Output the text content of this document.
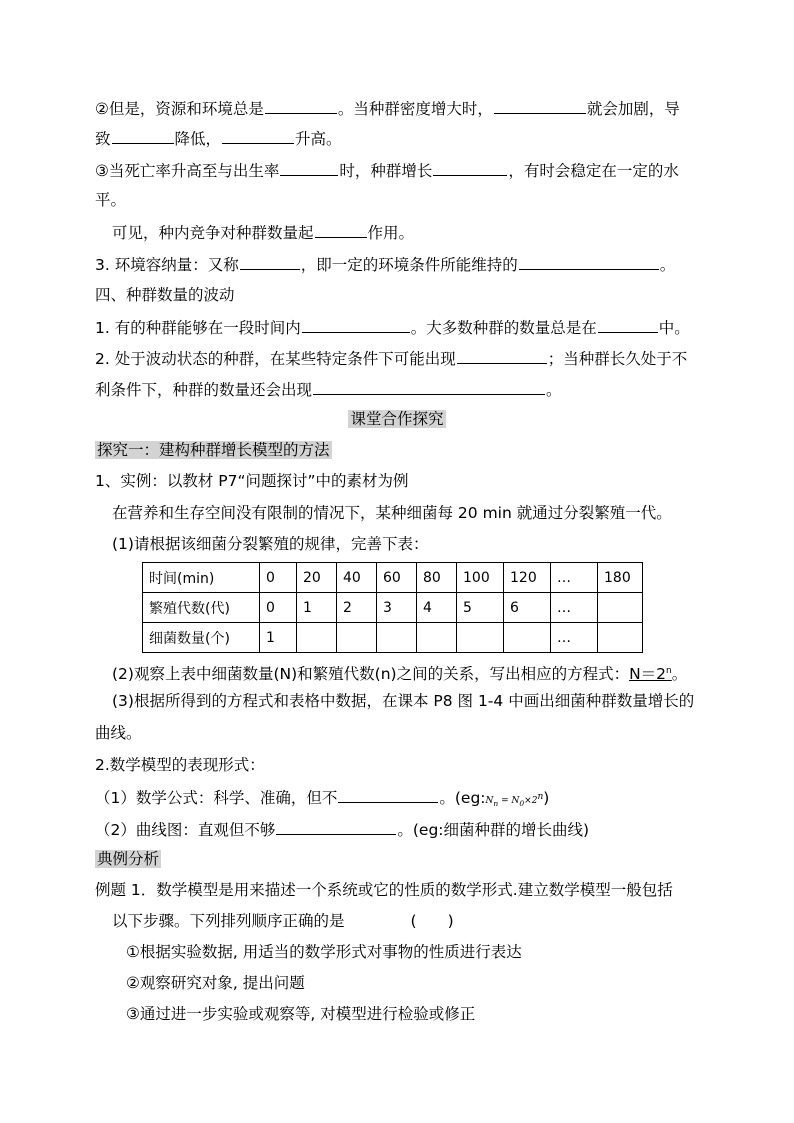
②但是，资源和环境总是	。当种群密度增大时，	就会加剧，导
致	降低，	升高。
③当死亡率升高至与出生率	时，种群增长	，有时会稳定在一定的水
平。
可见，种内竞争对种群数量起	作用。
3. 环境容纳量：又称	，即一定的环境条件所能维持的	。
四、种群数量的波动
1. 有的种群能够在一段时间内	。大多数种群的数量总是在	中。
2. 处于波动状态的种群，在某些特定条件下可能出现	；当种群长久处于不
利条件下，种群的数量还会出现	。
课堂合作探究
探究一：建构种群增长模型的方法
1、实例：以教材 P7“问题探讨”中的素材为例
在营养和生存空间没有限制的情况下，某种细菌每 20 min 就通过分裂繁殖一代。
(1)请根据该细菌分裂繁殖的规律，完善下表：
时间(min)	0	20	40	60	80	100	120	…	180
繁殖代数(代)	0	1	2	3	4	5	6	…	
细菌数量(个)	1							…	
(2)观察上表中细菌数量(N)和繁殖代数(n)之间的关系，写出相应的方程式：$N=2^n$。
(3)根据所得到的方程式和表格中数据，在课本 P8 图 1-4 中画出细菌种群数量增长的
曲线。
2.数学模型的表现形式：
（1）数学公式：科学、准确，但不	。$(eg:N_n = N_0\times 2^n)$
（2）曲线图：直观但不够	。(eg:细菌种群的增长曲线)
典例分析
例题 1．数学模型是用来描述一个系统或它的性质的数学形式.建立数学模型一般包括
以下步骤。下列排列顺序正确的是	(　　)
①根据实验数据, 用适当的数学形式对事物的性质进行表达
②观察研究对象, 提出问题
③通过进一步实验或观察等, 对模型进行检验或修正
